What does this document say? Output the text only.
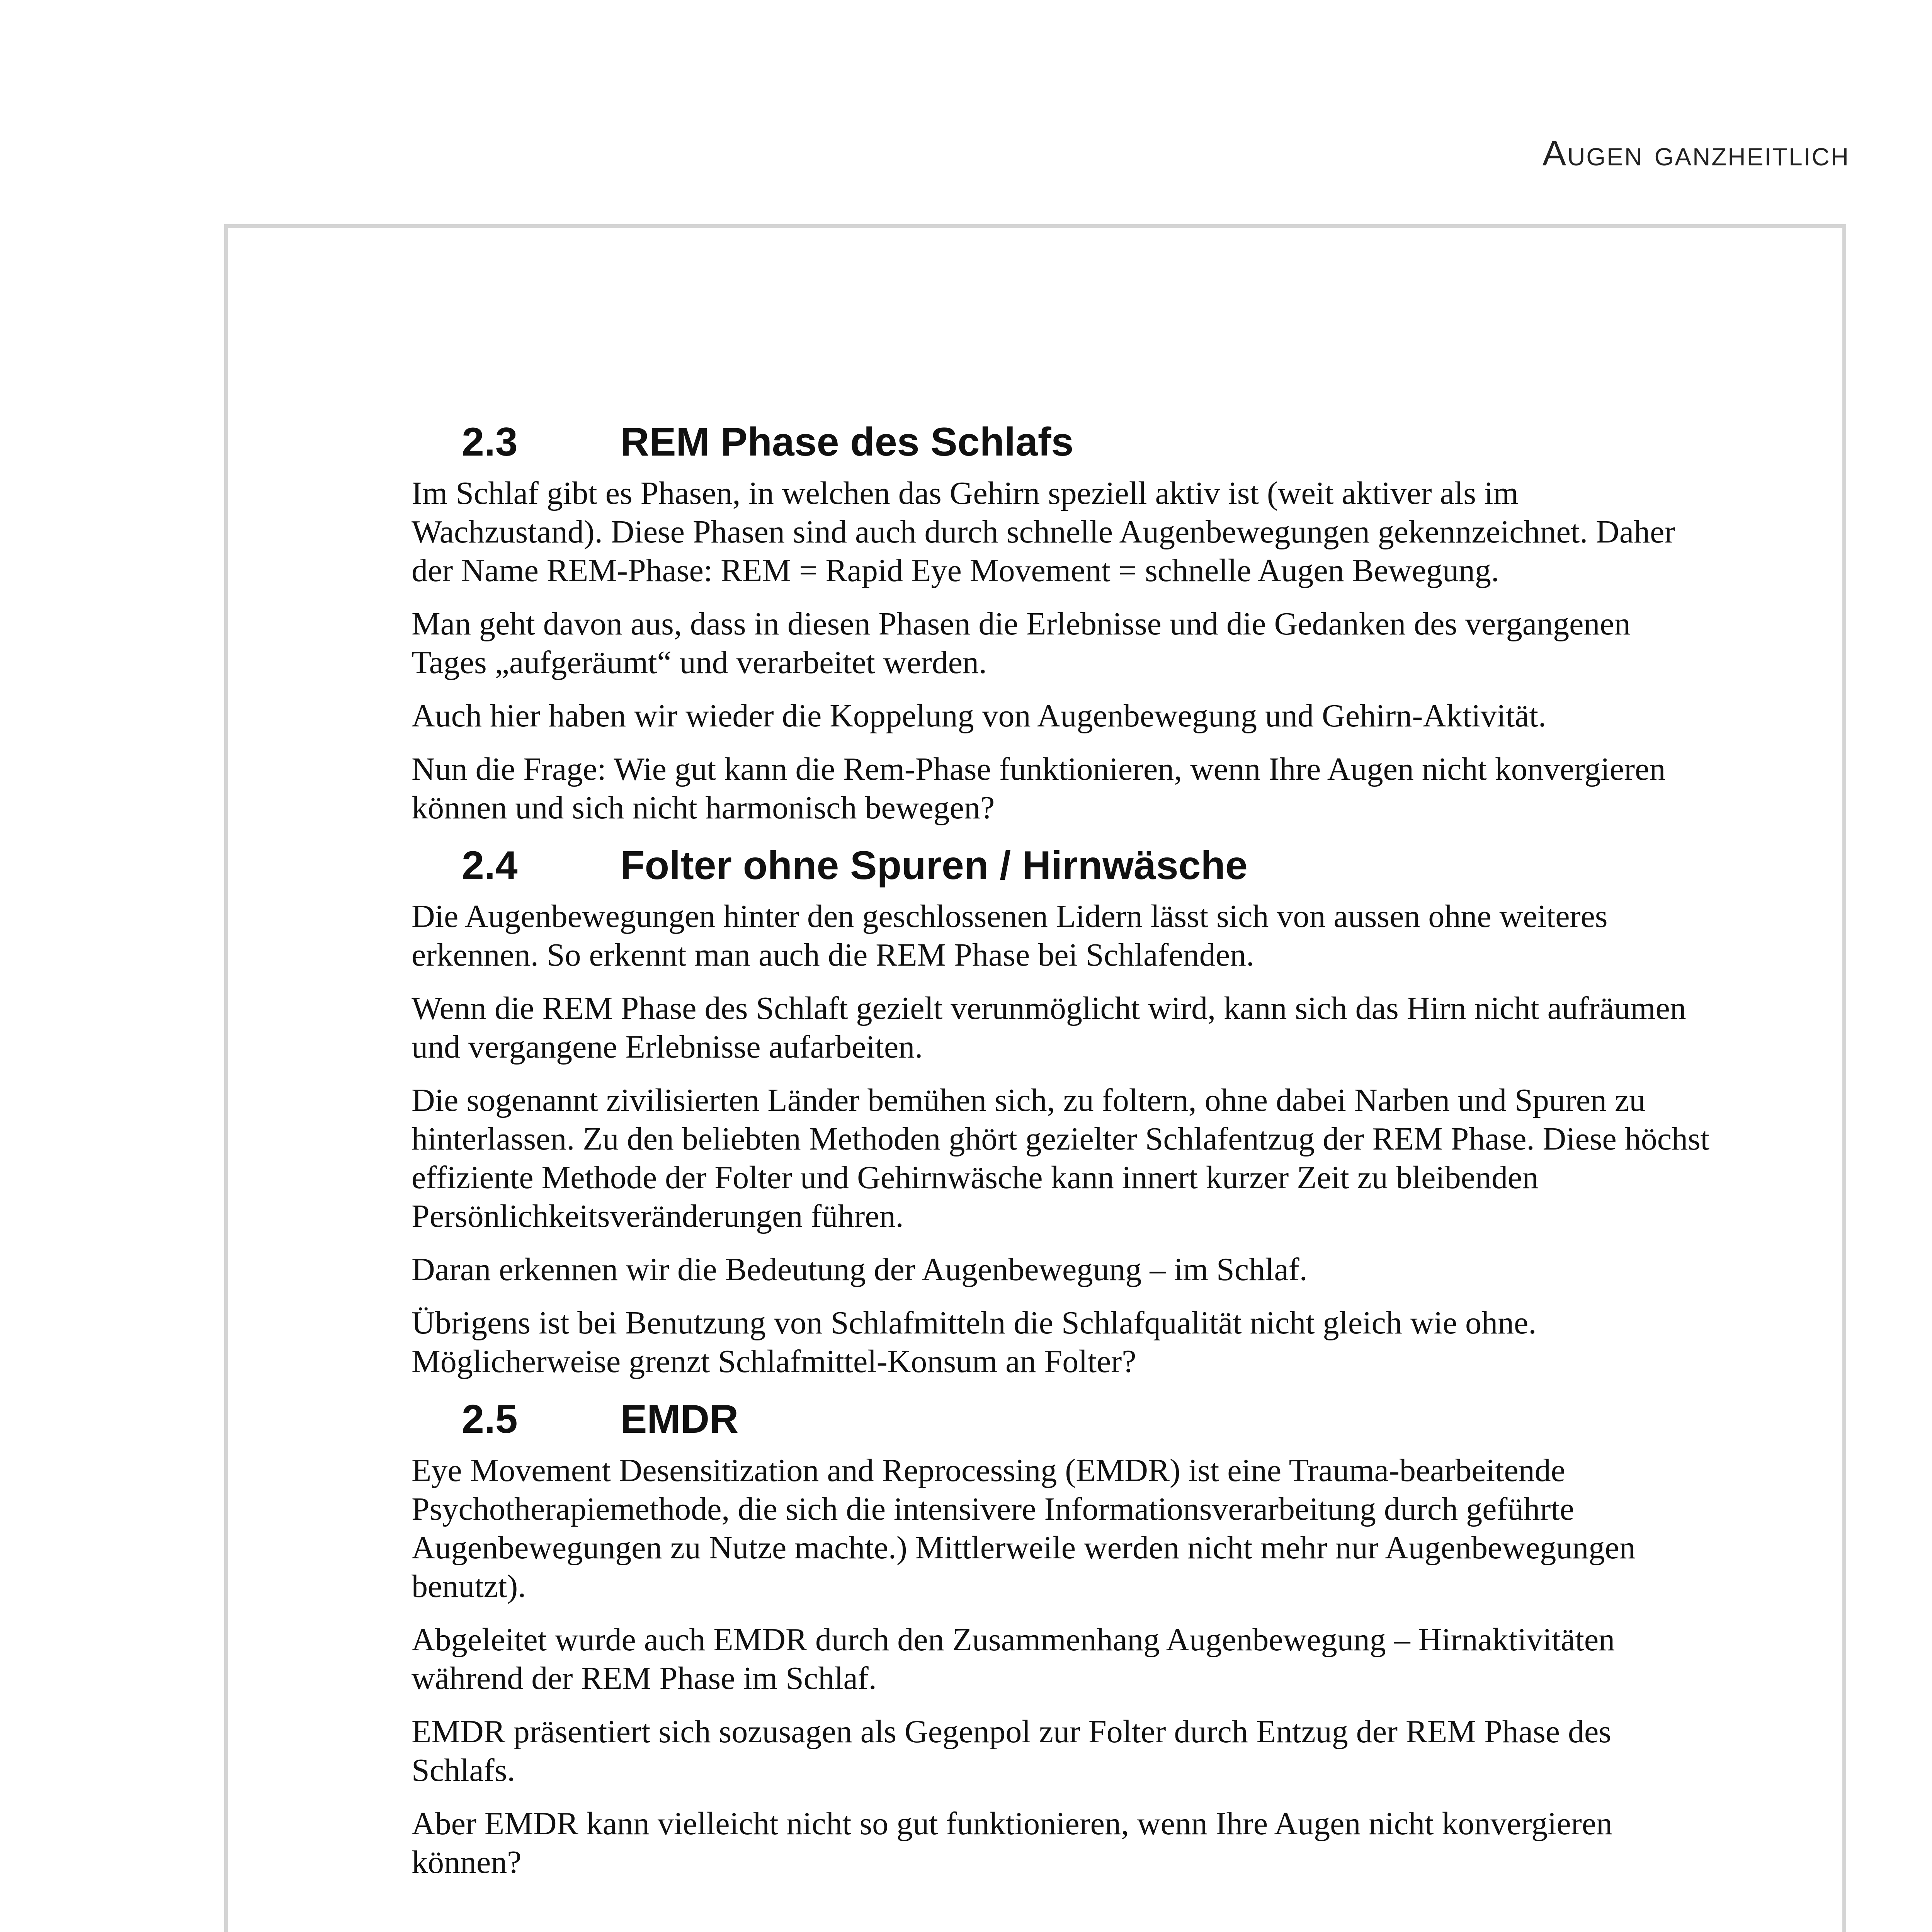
Augen ganzheitlich
2.3	REM Phase des Schlafs

Im Schlaf gibt es Phasen, in welchen das Gehirn speziell aktiv ist (weit aktiver als im Wachzustand). Diese Phasen sind auch durch schnelle Augenbewegungen gekennzeichnet. Daher der Name REM-Phase: REM = Rapid Eye Movement = schnelle Augen Bewegung.

Man geht davon aus, dass in diesen Phasen die Erlebnisse und die Gedanken des vergangenen Tages „aufgeräumt“ und verarbeitet werden.

Auch hier haben wir wieder die Koppelung von Augenbewegung und Gehirn-Aktivität.

Nun die Frage: Wie gut kann die Rem-Phase funktionieren, wenn Ihre Augen nicht konvergieren können und sich nicht harmonisch bewegen?

2.4	Folter ohne Spuren / Hirnwäsche

Die Augenbewegungen hinter den geschlossenen Lidern lässt sich von aussen ohne weiteres erkennen. So erkennt man auch die REM Phase bei Schlafenden.

Wenn die REM Phase des Schlaft gezielt verunmöglicht wird, kann sich das Hirn nicht aufräumen und vergangene Erlebnisse aufarbeiten.

Die sogenannt zivilisierten Länder bemühen sich, zu foltern, ohne dabei Narben und Spuren zu hinterlassen. Zu den beliebten Methoden ghört gezielter Schlafentzug der REM Phase. Diese höchst effiziente Methode der Folter und Gehirnwäsche kann innert kurzer Zeit zu bleibenden Persönlichkeitsveränderungen führen.

Daran erkennen wir die Bedeutung der Augenbewegung – im Schlaf.

Übrigens ist bei Benutzung von Schlafmitteln die Schlafqualität nicht gleich wie ohne. Möglicherweise grenzt Schlafmittel-Konsum an Folter?

2.5	EMDR

Eye Movement Desensitization and Reprocessing (EMDR) ist eine Trauma-bearbeitende Psychotherapiemethode, die sich die intensivere Informationsverarbeitung durch geführte Augenbewegungen zu Nutze machte.) Mittlerweile werden nicht mehr nur Augenbewegungen benutzt).

Abgeleitet wurde auch EMDR durch den Zusammenhang Augenbewegung – Hirnaktivitäten während der REM Phase im Schlaf.

EMDR präsentiert sich sozusagen als Gegenpol zur Folter durch Entzug der REM Phase des Schlafs.

Aber EMDR kann vielleicht nicht so gut funktionieren, wenn Ihre Augen nicht konvergieren können?
